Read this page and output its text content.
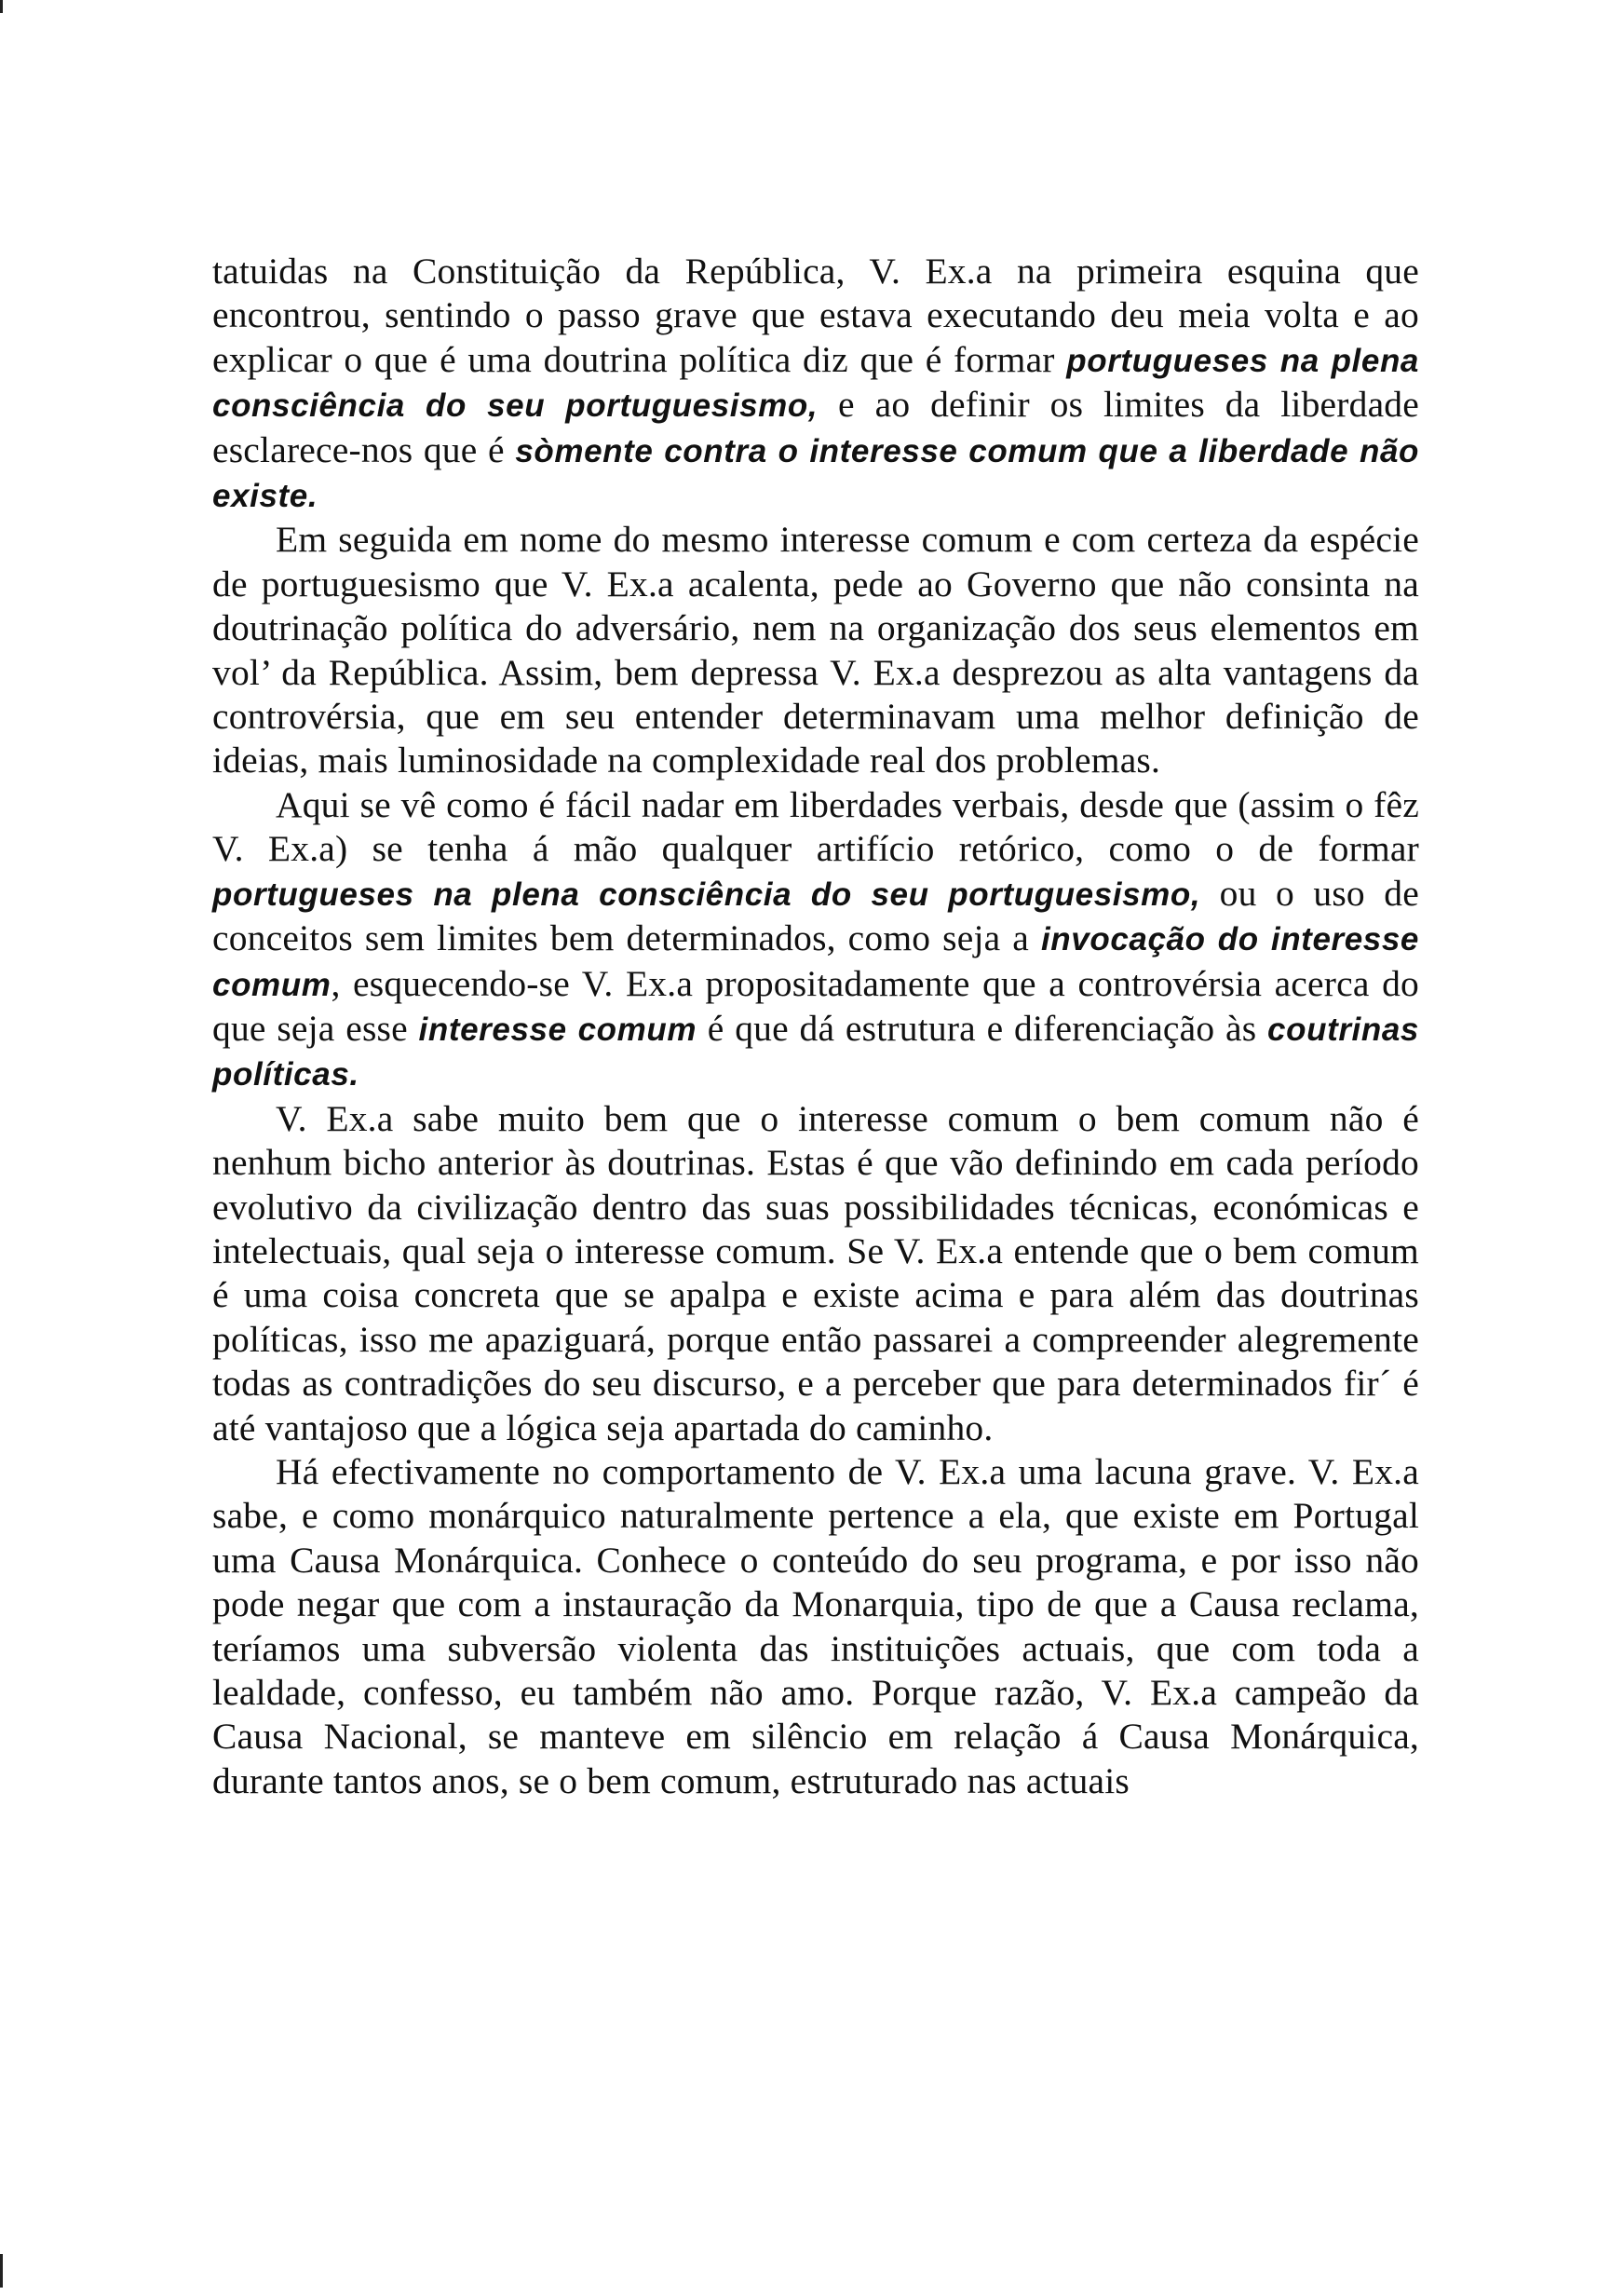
tatuidas na Constituição da República, V. Ex.a na primeira esquina que encontrou, sentindo o passo grave que estava executando deu meia volta e ao explicar o que é uma doutrina política diz que é formar portugueses na plena consciência do seu portuguesismo, e ao definir os limites da liberdade esclarece-nos que é sòmente contra o interesse comum que a liberdade não existe.

Em seguida em nome do mesmo interesse comum e com certeza da espécie de portuguesismo que V. Ex.a acalenta, pede ao Governo que não consinta na doutrinação política do adversário, nem na organização dos seus elementos em vol’ da República. Assim, bem depressa V. Ex.a desprezou as alta vantagens da controvérsia, que em seu entender determinavam uma melhor definição de ideias, mais luminosidade na complexidade real dos problemas.

Aqui se vê como é fácil nadar em liberdades verbais, desde que (assim o fêz V. Ex.a) se tenha á mão qualquer artifício retórico, como o de formar portugueses na plena consciência do seu portuguesismo, ou o uso de conceitos sem limites bem determinados, como seja a invocação do interesse comum, esquecendo-se V. Ex.a propositadamente que a controvérsia acerca do que seja esse interesse comum é que dá estrutura e diferenciação às coutrinas políticas.

V. Ex.a sabe muito bem que o interesse comum o bem comum não é nenhum bicho anterior às doutrinas. Estas é que vão definindo em cada período evolutivo da civilização dentro das suas possibilidades técnicas, económicas e intelectuais, qual seja o interesse comum. Se V. Ex.a entende que o bem comum é uma coisa concreta que se apalpa e existe acima e para além das doutrinas políticas, isso me apaziguará, porque então passarei a compreender alegremente todas as contradições do seu discurso, e a perceber que para determinados fir´ é até vantajoso que a lógica seja apartada do caminho.

Há efectivamente no comportamento de V. Ex.a uma lacuna grave. V. Ex.a sabe, e como monárquico naturalmente pertence a ela, que existe em Portugal uma Causa Monárquica. Conhece o conteúdo do seu programa, e por isso não pode negar que com a instauração da Monarquia, tipo de que a Causa reclama, teríamos uma subversão violenta das instituições actuais, que com toda a lealdade, confesso, eu também não amo. Porque razão, V. Ex.a campeão da Causa Nacional, se manteve em silêncio em relação á Causa Monárquica, durante tantos anos, se o bem comum, estruturado nas actuais
